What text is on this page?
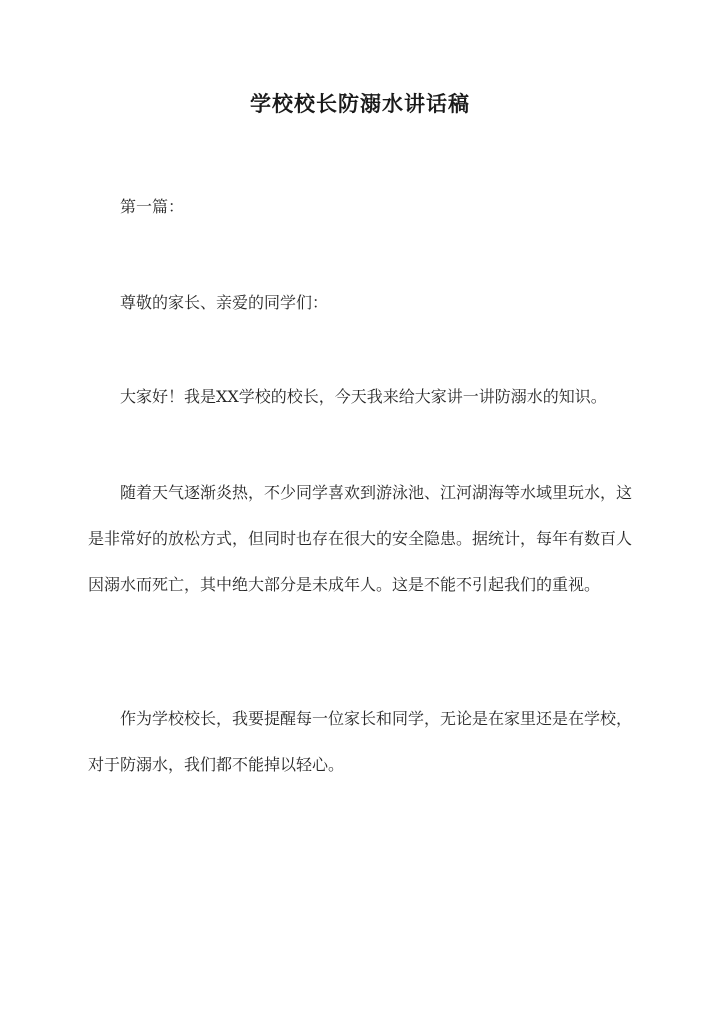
学校校长防溺水讲话稿

第一篇：

尊敬的家长、亲爱的同学们：

大家好！我是XX学校的校长，今天我来给大家讲一讲防溺水的知识。

随着天气逐渐炎热，不少同学喜欢到游泳池、江河湖海等水域里玩水，这是非常好的放松方式，但同时也存在很大的安全隐患。据统计，每年有数百人因溺水而死亡，其中绝大部分是未成年人。这是不能不引起我们的重视。

作为学校校长，我要提醒每一位家长和同学，无论是在家里还是在学校，对于防溺水，我们都不能掉以轻心。
